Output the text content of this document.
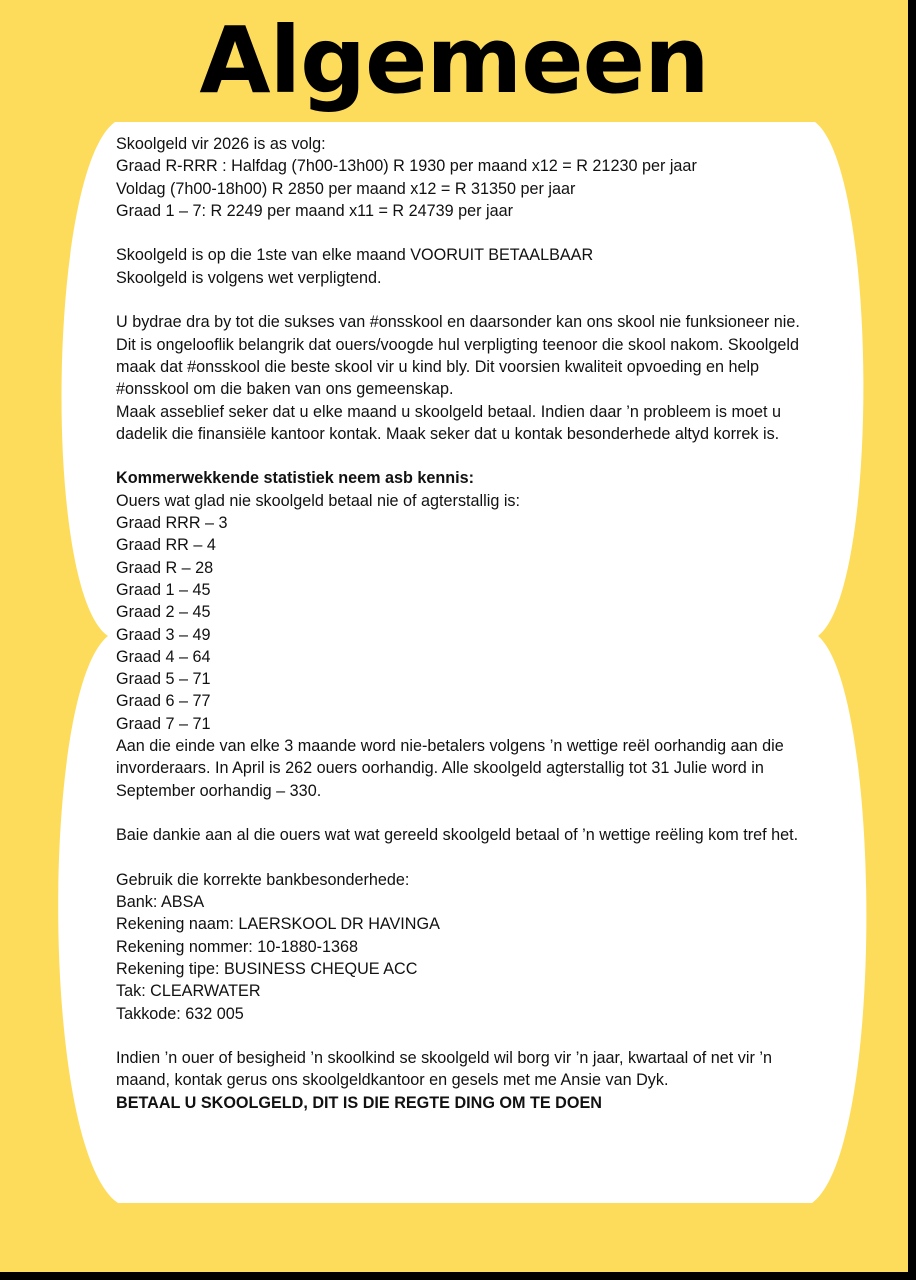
Algemeen

Skoolgeld vir 2026 is as volg:

Graad R-RRR : Halfdag (7h00-13h00) R 1930 per maand x12 = R 21230 per jaar

Voldag (7h00-18h00) R 2850 per maand x12 = R 31350 per jaar

Graad 1 – 7: R 2249 per maand x11 = R 24739 per jaar

Skoolgeld is op die 1ste van elke maand VOORUIT BETAALBAAR

Skoolgeld is volgens wet verpligtend.

U bydrae dra by tot die sukses van #onsskool en daarsonder kan ons skool nie funksioneer nie. Dit is ongelooflik belangrik dat ouers/voogde hul verpligting teenoor die skool nakom. Skoolgeld maak dat #onsskool die beste skool vir u kind bly. Dit voorsien kwaliteit opvoeding en help #onsskool om die baken van ons gemeenskap.

Maak asseblief seker dat u elke maand u skoolgeld betaal. Indien daar ’n probleem is moet u dadelik die finansiële kantoor kontak. Maak seker dat u kontak besonderhede altyd korrek is.

Kommerwekkende statistiek neem asb kennis:

Ouers wat glad nie skoolgeld betaal nie of agterstallig is:

Graad RRR – 3

Graad RR – 4

Graad R – 28

Graad 1 – 45

Graad 2 – 45

Graad 3 – 49

Graad 4 – 64

Graad 5 – 71

Graad 6 – 77

Graad 7 – 71

Aan die einde van elke 3 maande word nie-betalers volgens ’n wettige reël oorhandig aan die invorderaars. In April is 262 ouers oorhandig. Alle skoolgeld agterstallig tot 31 Julie word in September oorhandig – 330.

Baie dankie aan al die ouers wat wat gereeld skoolgeld betaal of ’n wettige reëling kom tref het.

Gebruik die korrekte bankbesonderhede:

Bank: ABSA

Rekening naam: LAERSKOOL DR HAVINGA

Rekening nommer: 10-1880-1368

Rekening tipe: BUSINESS CHEQUE ACC

Tak: CLEARWATER

Takkode: 632 005

Indien ’n ouer of besigheid ’n skoolkind se skoolgeld wil borg vir ’n jaar, kwartaal of net vir ’n maand, kontak gerus ons skoolgeldkantoor en gesels met me Ansie van Dyk.

BETAAL U SKOOLGELD, DIT IS DIE REGTE DING OM TE DOEN
